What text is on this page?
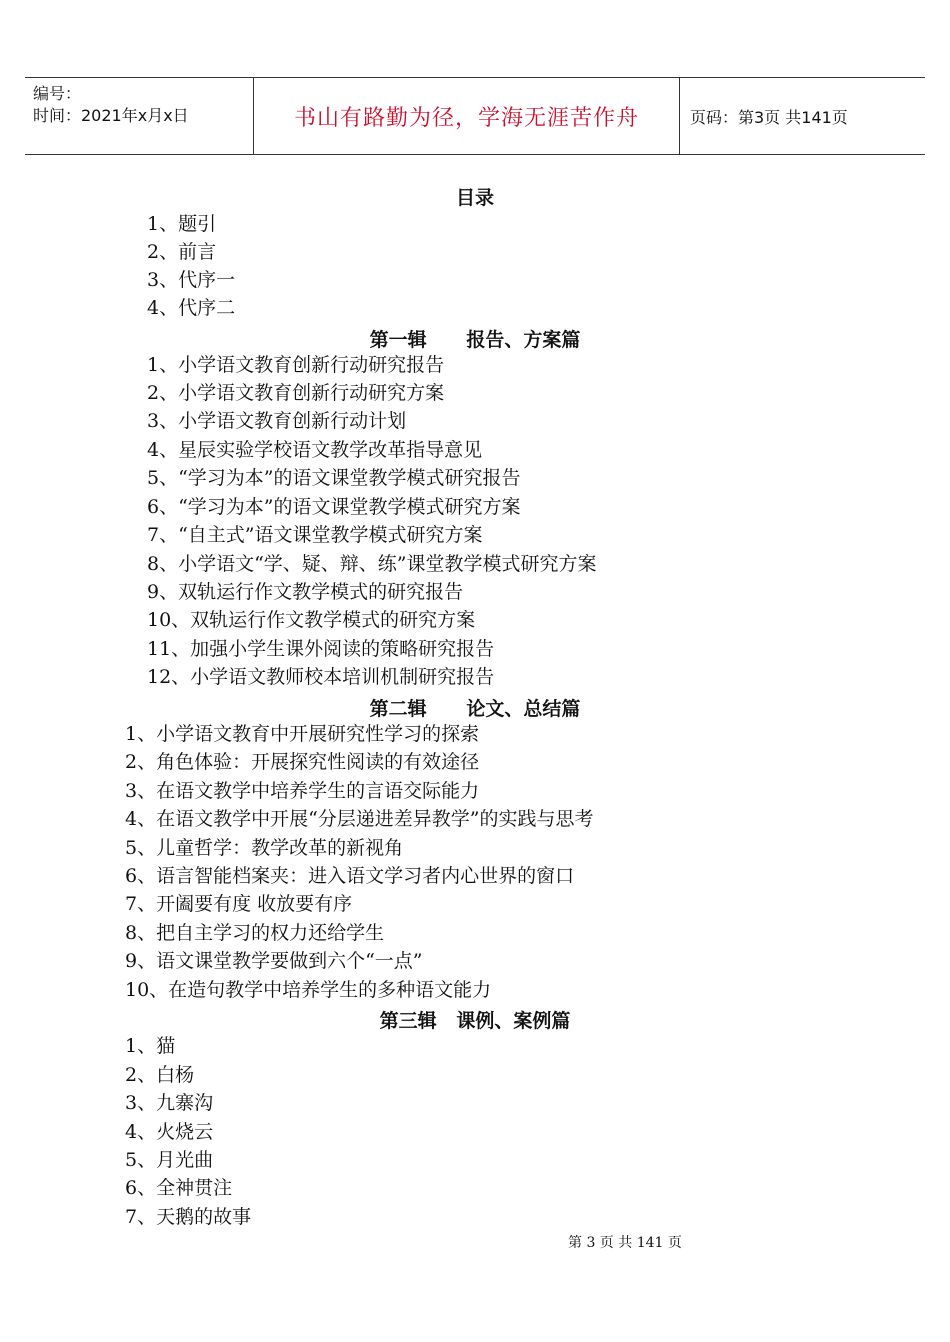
编号：
时间：2021年x月x日	书山有路勤为径，学海无涯苦作舟	页码：第3页 共141页
目录
1、题引
2、前言
3、代序一
4、代序二
第一辑      报告、方案篇
1、小学语文教育创新行动研究报告
2、小学语文教育创新行动研究方案
3、小学语文教育创新行动计划
4、星辰实验学校语文教学改革指导意见
5、“学习为本”的语文课堂教学模式研究报告
6、“学习为本”的语文课堂教学模式研究方案
7、“自主式”语文课堂教学模式研究方案
8、小学语文“学、疑、辩、练”课堂教学模式研究方案
9、双轨运行作文教学模式的研究报告
10、双轨运行作文教学模式的研究方案
11、加强小学生课外阅读的策略研究报告
12、小学语文教师校本培训机制研究报告
第二辑      论文、总结篇
1、小学语文教育中开展研究性学习的探索
2、角色体验：开展探究性阅读的有效途径
3、在语文教学中培养学生的言语交际能力
4、在语文教学中开展“分层递进差异教学”的实践与思考
5、儿童哲学：教学改革的新视角
6、语言智能档案夹：进入语文学习者内心世界的窗口
7、开阖要有度 收放要有序
8、把自主学习的权力还给学生
9、语文课堂教学要做到六个“一点”
10、在造句教学中培养学生的多种语文能力
第三辑   课例、案例篇
1、猫
2、白杨
3、九寨沟
4、火烧云
5、月光曲
6、全神贯注
7、天鹅的故事
第 3 页 共 141 页
